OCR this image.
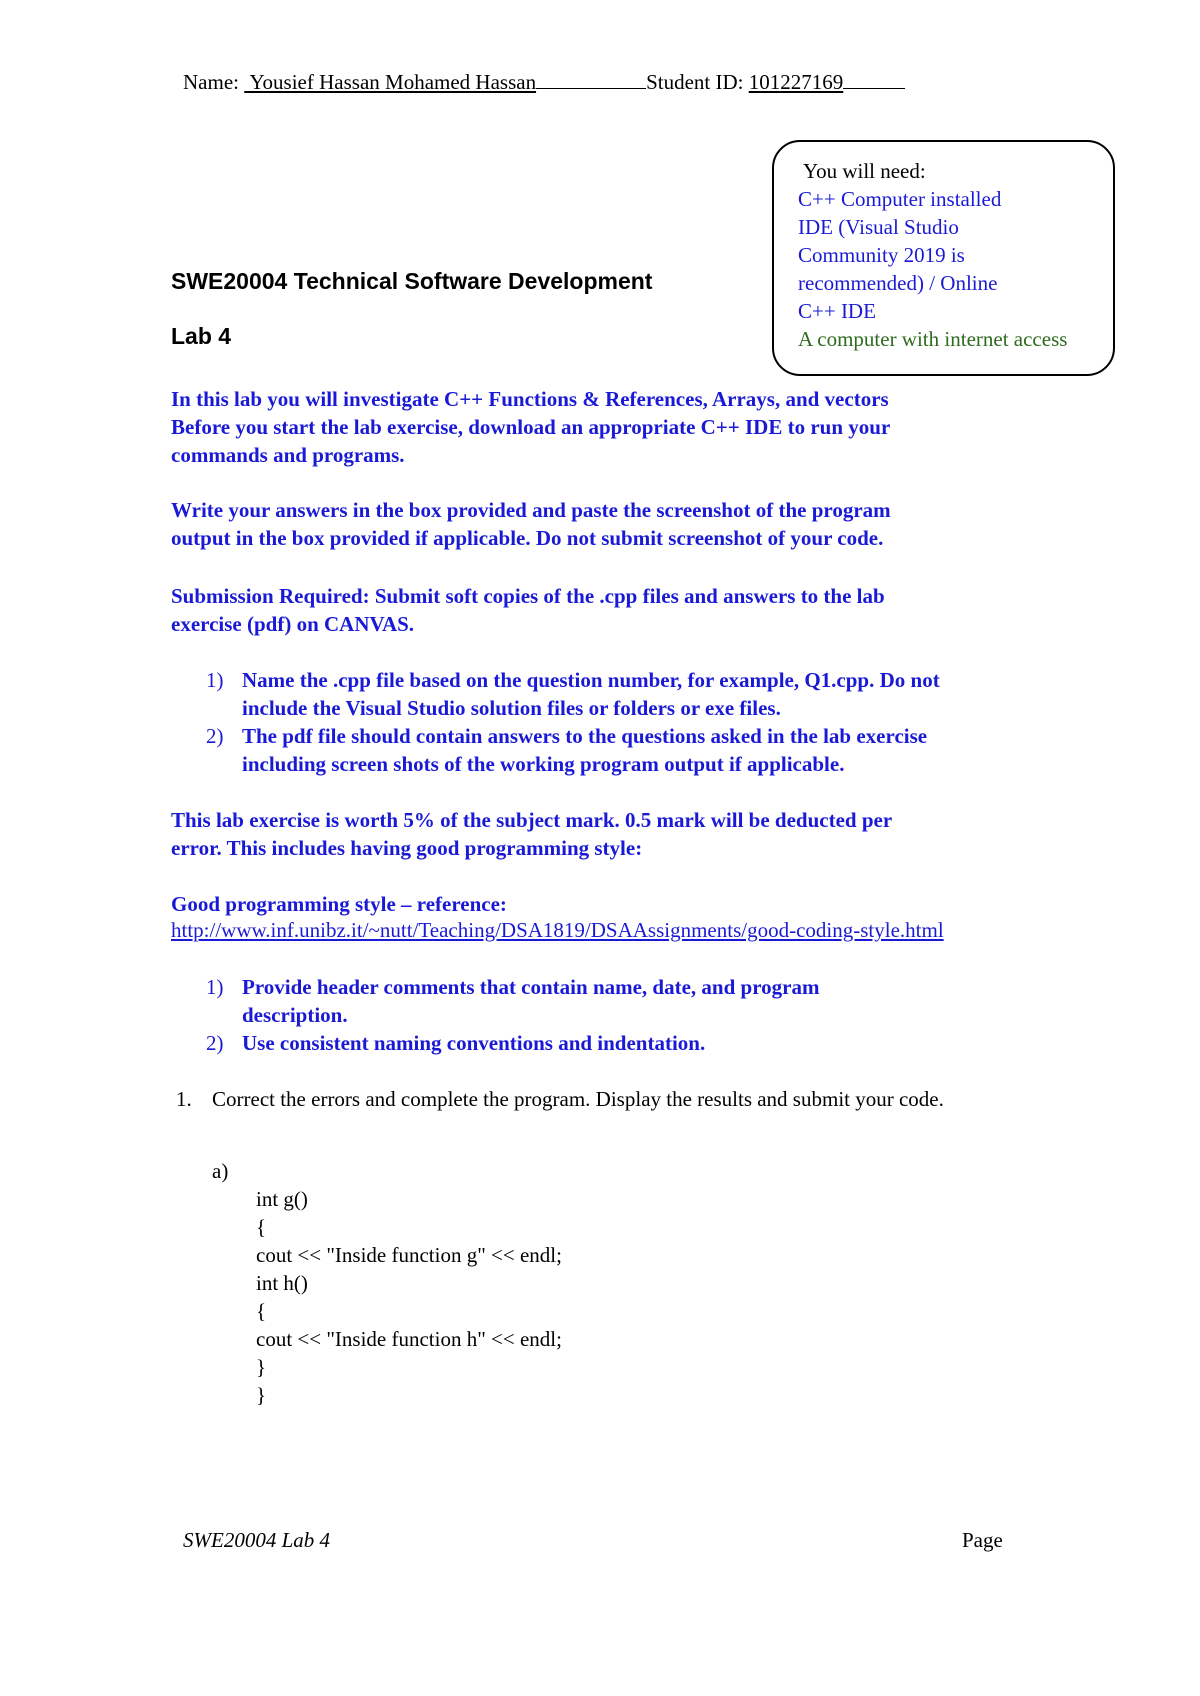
Name: Yousief Hassan Mohamed Hassan	Student ID: 101227169
You will need:
C++ Computer installed
IDE (Visual Studio
Community 2019 is
recommended) / Online
C++ IDE
A computer with internet access
SWE20004 Technical Software Development
Lab 4
In this lab you will investigate C++ Functions & References, Arrays, and vectors
Before you start the lab exercise, download an appropriate C++ IDE to run your
commands and programs.
Write your answers in the box provided and paste the screenshot of the program
output in the box provided if applicable. Do not submit screenshot of your code.
Submission Required: Submit soft copies of the .cpp files and answers to the lab
exercise (pdf) on CANVAS.
1) Name the .cpp file based on the question number, for example, Q1.cpp. Do not
include the Visual Studio solution files or folders or exe files.
2) The pdf file should contain answers to the questions asked in the lab exercise
including screen shots of the working program output if applicable.
This lab exercise is worth 5% of the subject mark. 0.5 mark will be deducted per
error. This includes having good programming style:
Good programming style – reference:
http://www.inf.unibz.it/~nutt/Teaching/DSA1819/DSAAssignments/good-coding-style.html
1) Provide header comments that contain name, date, and program
description.
2) Use consistent naming conventions and indentation.
1. Correct the errors and complete the program. Display the results and submit your code.
a)
int g()
{
cout << "Inside function g" << endl;
int h()
{
cout << "Inside function h" << endl;
}
}
SWE20004 Lab 4	Page
